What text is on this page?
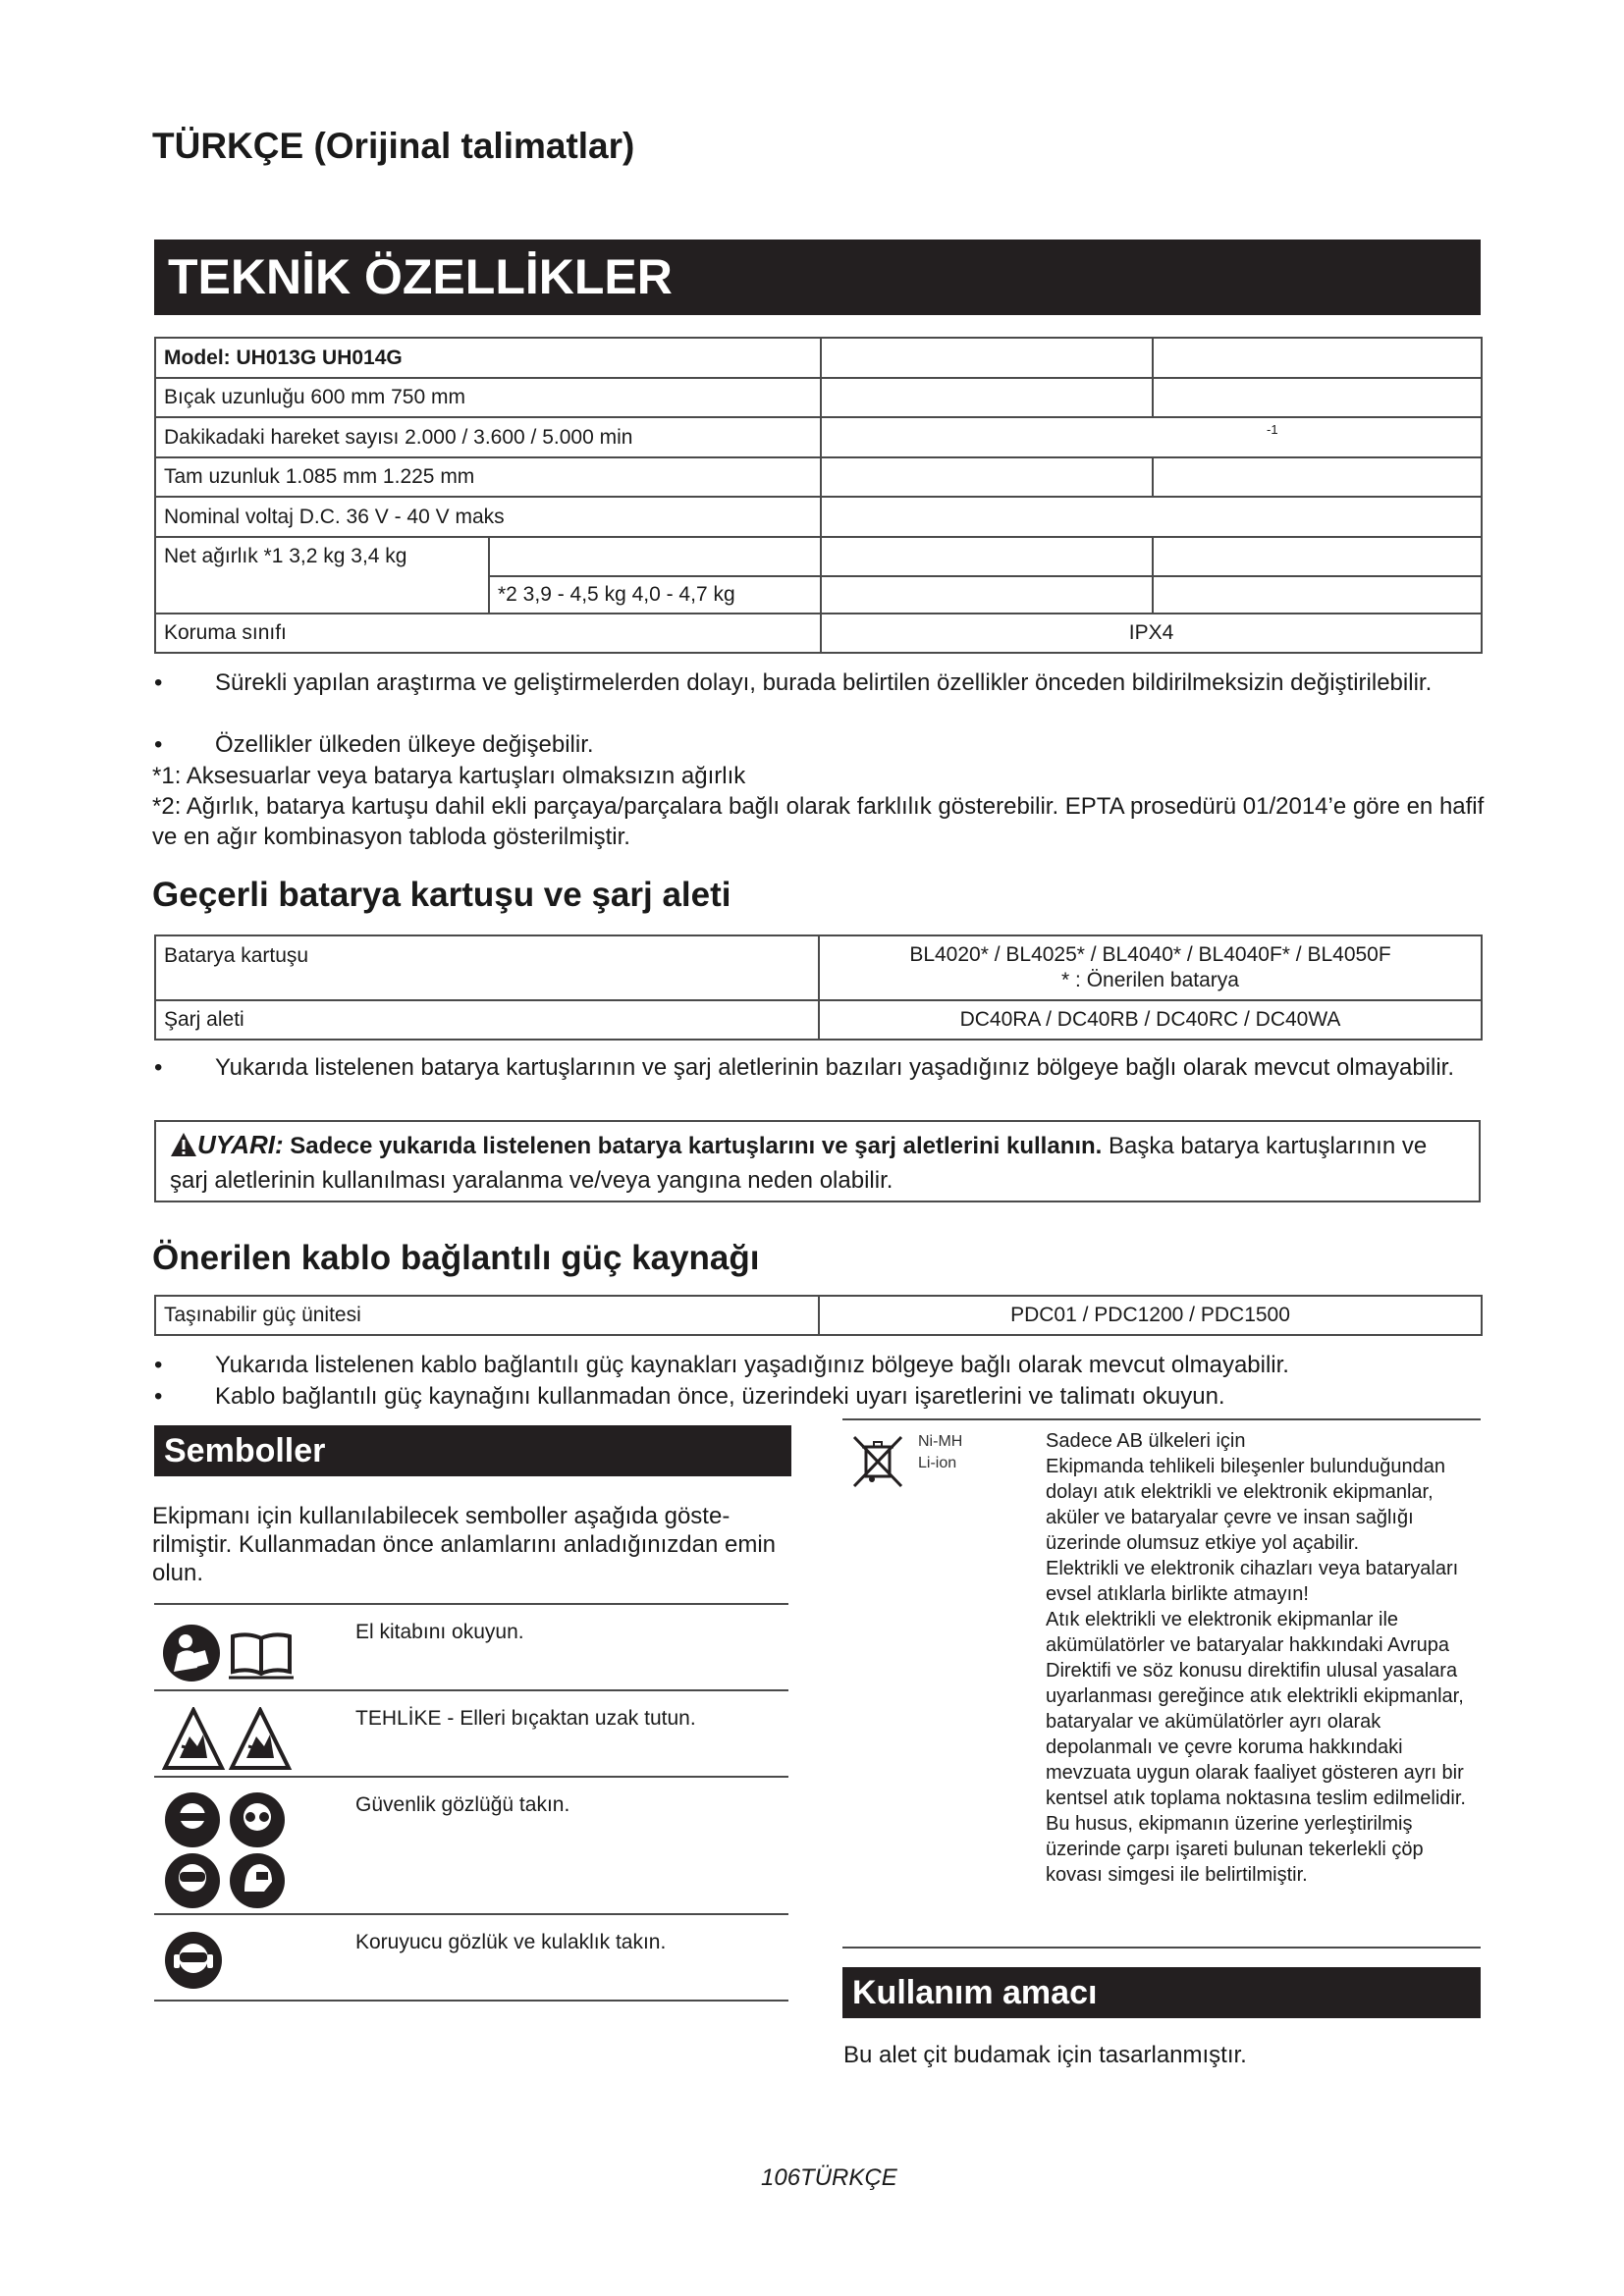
TÜRKÇE (Orijinal talimatlar)
TEKNİK ÖZELLİKLER
Model: UH013G UH014G			
Bıçak uzunluğu 600 mm 750 mm			
Dakikadaki hareket sayısı 2.000 / 3.600 / 5.000 min		-1	

Tam uzunluk 1.085 mm 1.225 mm			
Nominal voltaj D.C. 36 V - 40 V maks			
Net ağırlık *1 3,2 kg 3,4 kg			
	*2 3,9 - 4,5 kg 4,0 - 4,7 kg		
Koruma sınıfı		IPX4	
• Sürekli yapılan araştırma ve geliştirmelerden dolayı, burada belirtilen özellikler önceden bildirilmeksizin değiştirilebilir.
• Özellikler ülkeden ülkeye değişebilir.
*1: Aksesuarlar veya batarya kartuşları olmaksızın ağırlık
*2: Ağırlık, batarya kartuşu dahil ekli parçaya/parçalara bağlı olarak farklılık gösterebilir. EPTA prosedürü 01/2014’e göre en hafif ve en ağır kombinasyon tabloda gösterilmiştir.
Geçerli batarya kartuşu ve şarj aleti
Batarya kartuşu	BL4020* / BL4025* / BL4040* / BL4040F* / BL4050F
* : Önerilen batarya

Şarj aleti	DC40RA / DC40RB / DC40RC / DC40WA
• Yukarıda listelenen batarya kartuşlarının ve şarj aletlerinin bazıları yaşadığınız bölgeye bağlı olarak mevcut olmayabilir.
UYARI: Sadece yukarıda listelenen batarya kartuşlarını ve şarj aletlerini kullanın. Başka batarya kartuşlarının ve şarj aletlerinin kullanılması yaralanma ve/veya yangına neden olabilir.
Önerilen kablo bağlantılı güç kaynağı
Taşınabilir güç ünitesi	PDC01 / PDC1200 / PDC1500
• Yukarıda listelenen kablo bağlantılı güç kaynakları yaşadığınız bölgeye bağlı olarak mevcut olmayabilir.
• Kablo bağlantılı güç kaynağını kullanmadan önce, üzerindeki uyarı işaretlerini ve talimatı okuyun.
Semboller
Ekipmanı için kullanılabilecek semboller aşağıda gösterilmiştir. Kullanmadan önce anlamlarını anladığınızdan emin olun.
El kitabını okuyun.
TEHLİKE - Elleri bıçaktan uzak tutun.
Güvenlik gözlüğü takın.
Koruyucu gözlük ve kulaklık takın.
Ni-MH
Li-ion
Sadece AB ülkeleri için
Ekipmanda tehlikeli bileşenler bulunduğundan dolayı atık elektrikli ve elektronik ekipmanlar, aküler ve bataryalar çevre ve insan sağlığı üzerinde olumsuz etkiye yol açabilir.
Elektrikli ve elektronik cihazları veya bataryaları evsel atıklarla birlikte atmayın!
Atık elektrikli ve elektronik ekipmanlar ile akümülatörler ve bataryalar hakkındaki Avrupa Direktifi ve söz konusu direktifin ulusal yasalara uyarlanması gereğince atık elektrikli ekipmanlar, bataryalar ve akümülatörler ayrı olarak depolanmalı ve çevre koruma hakkındaki mevzuata uygun olarak faaliyet gösteren ayrı bir kentsel atık toplama noktasına teslim edilmelidir.
Bu husus, ekipmanın üzerine yerleştirilmiş üzerinde çarpı işareti bulunan tekerlekli çöp kovası simgesi ile belirtilmiştir.
Kullanım amacı
Bu alet çit budamak için tasarlanmıştır.
106TÜRKÇE
